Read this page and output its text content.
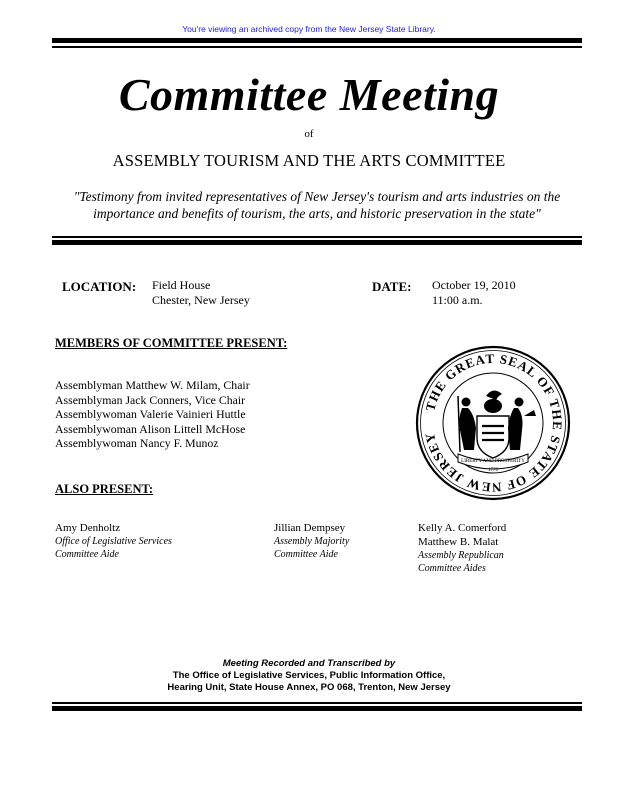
You're viewing an archived copy from the New Jersey State Library.
Committee Meeting
of
ASSEMBLY TOURISM AND THE ARTS COMMITTEE
"Testimony from invited representatives of New Jersey's tourism and arts industries on the
importance and benefits of tourism, the arts, and historic preservation in the state"
LOCATION: Field House
Chester, New Jersey
DATE: October 19, 2010
11:00 a.m.
MEMBERS OF COMMITTEE PRESENT:
Assemblyman Matthew W. Milam, Chair
Assemblyman Jack Conners, Vice Chair
Assemblywoman Valerie Vainieri Huttle
Assemblywoman Alison Littell McHose
Assemblywoman Nancy F. Munoz
THE GREAT SEAL OF THE STATE OF NEW JERSEY
LIBERTY AND PROSPERITY
1776
ALSO PRESENT:
Amy Denholtz
Office of Legislative Services
Committee Aide
Jillian Dempsey
Assembly Majority
Committee Aide
Kelly A. Comerford
Matthew B. Malat
Assembly Republican
Committee Aides
Meeting Recorded and Transcribed by
The Office of Legislative Services, Public Information Office,
Hearing Unit, State House Annex, PO 068, Trenton, New Jersey
